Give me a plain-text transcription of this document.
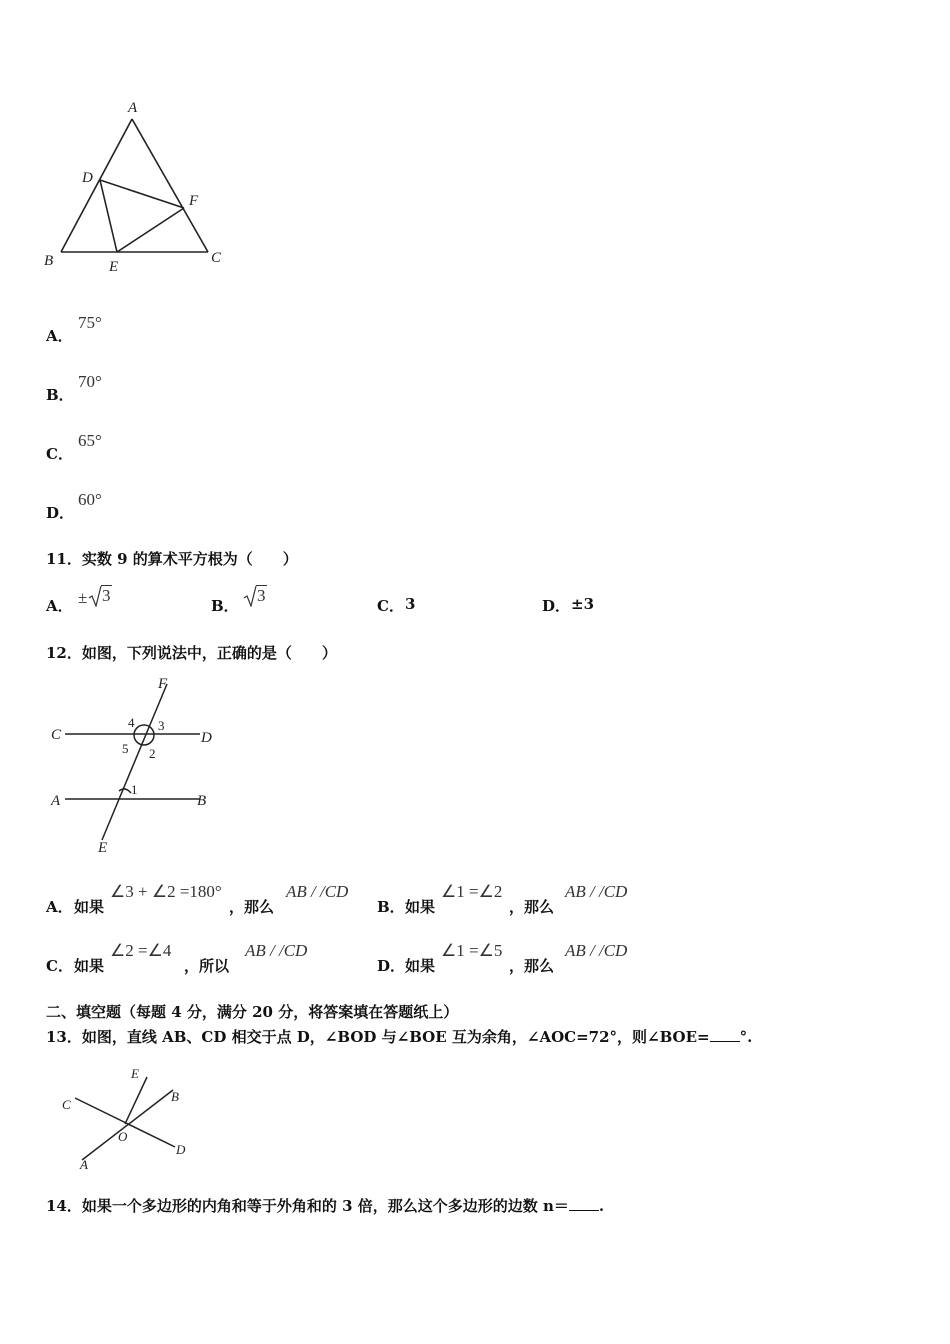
A
B	C
D
E
F
A．
75°
B．
70°
C．
65°
D．
60°
11．实数 9 的算术平方根为（　　）
A． ± 3
B．
3
C． 3	D． ±3
12．如图，下列说法中，正确的是（　　）
F
C	D
A	B
E
1
2
3
4
5
A． 如果
∠3 + ∠2 =180°
，那么
AB / /CD
B． 如果
∠1 =∠2
，那么
AB / /CD
C． 如果
∠2 =∠4
，所以
AB / /CD
D． 如果
∠1 =∠5
，那么
AB / /CD
二、填空题（每题 4 分，满分 20 分，将答案填在答题纸上）
13．如图，直线 AB、CD 相交于点 D，∠BOD 与∠BOE 互为余角，∠AOC=72°，则∠BOE= °.
E
B
C
O
D
A
14．如果一个多边形的内角和等于外角和的 3 倍，那么这个多边形的边数 n＝ .
